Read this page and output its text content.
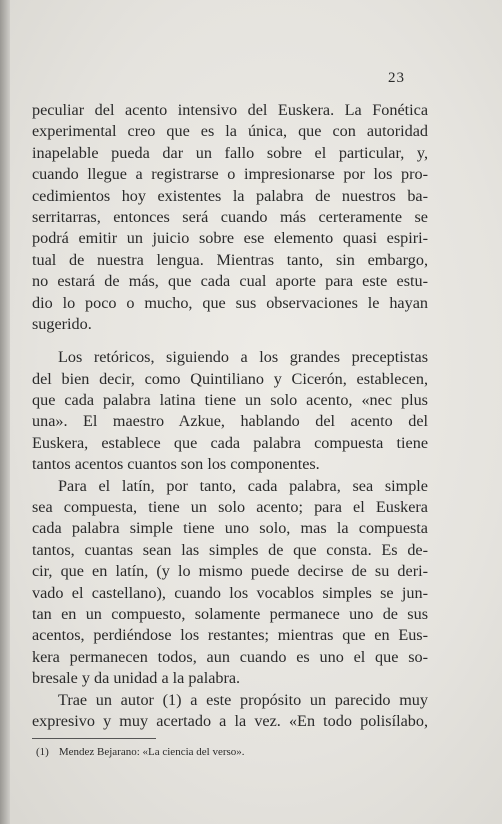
23
peculiar del acento intensivo del Euskera. La Fonética
experimental creo que es la única, que con autoridad
inapelable pueda dar un fallo sobre el particular, y,
cuando llegue a registrarse o impresionarse por los pro-
cedimientos hoy existentes la palabra de nuestros ba-
serritarras, entonces será cuando más certeramente se
podrá emitir un juicio sobre ese elemento quasi espiri-
tual de nuestra lengua. Mientras tanto, sin embargo,
no estará de más, que cada cual aporte para este estu-
dio lo poco o mucho, que sus observaciones le hayan
sugerido.
Los retóricos, siguiendo a los grandes preceptistas
del bien decir, como Quintiliano y Cicerón, establecen,
que cada palabra latina tiene un solo acento, «nec plus
una». El maestro Azkue, hablando del acento del
Euskera, establece que cada palabra compuesta tiene
tantos acentos cuantos son los componentes.
Para el latín, por tanto, cada palabra, sea simple
sea compuesta, tiene un solo acento; para el Euskera
cada palabra simple tiene uno solo, mas la compuesta
tantos, cuantas sean las simples de que consta. Es de-
cir, que en latín, (y lo mismo puede decirse de su deri-
vado el castellano), cuando los vocablos simples se jun-
tan en un compuesto, solamente permanece uno de sus
acentos, perdiéndose los restantes; mientras que en Eus-
kera permanecen todos, aun cuando es uno el que so-
bresale y da unidad a la palabra.
Trae un autor (1) a este propósito un parecido muy
expresivo y muy acertado a la vez. «En todo polisílabo,
(1) Mendez Bejarano: «La ciencia del verso».
